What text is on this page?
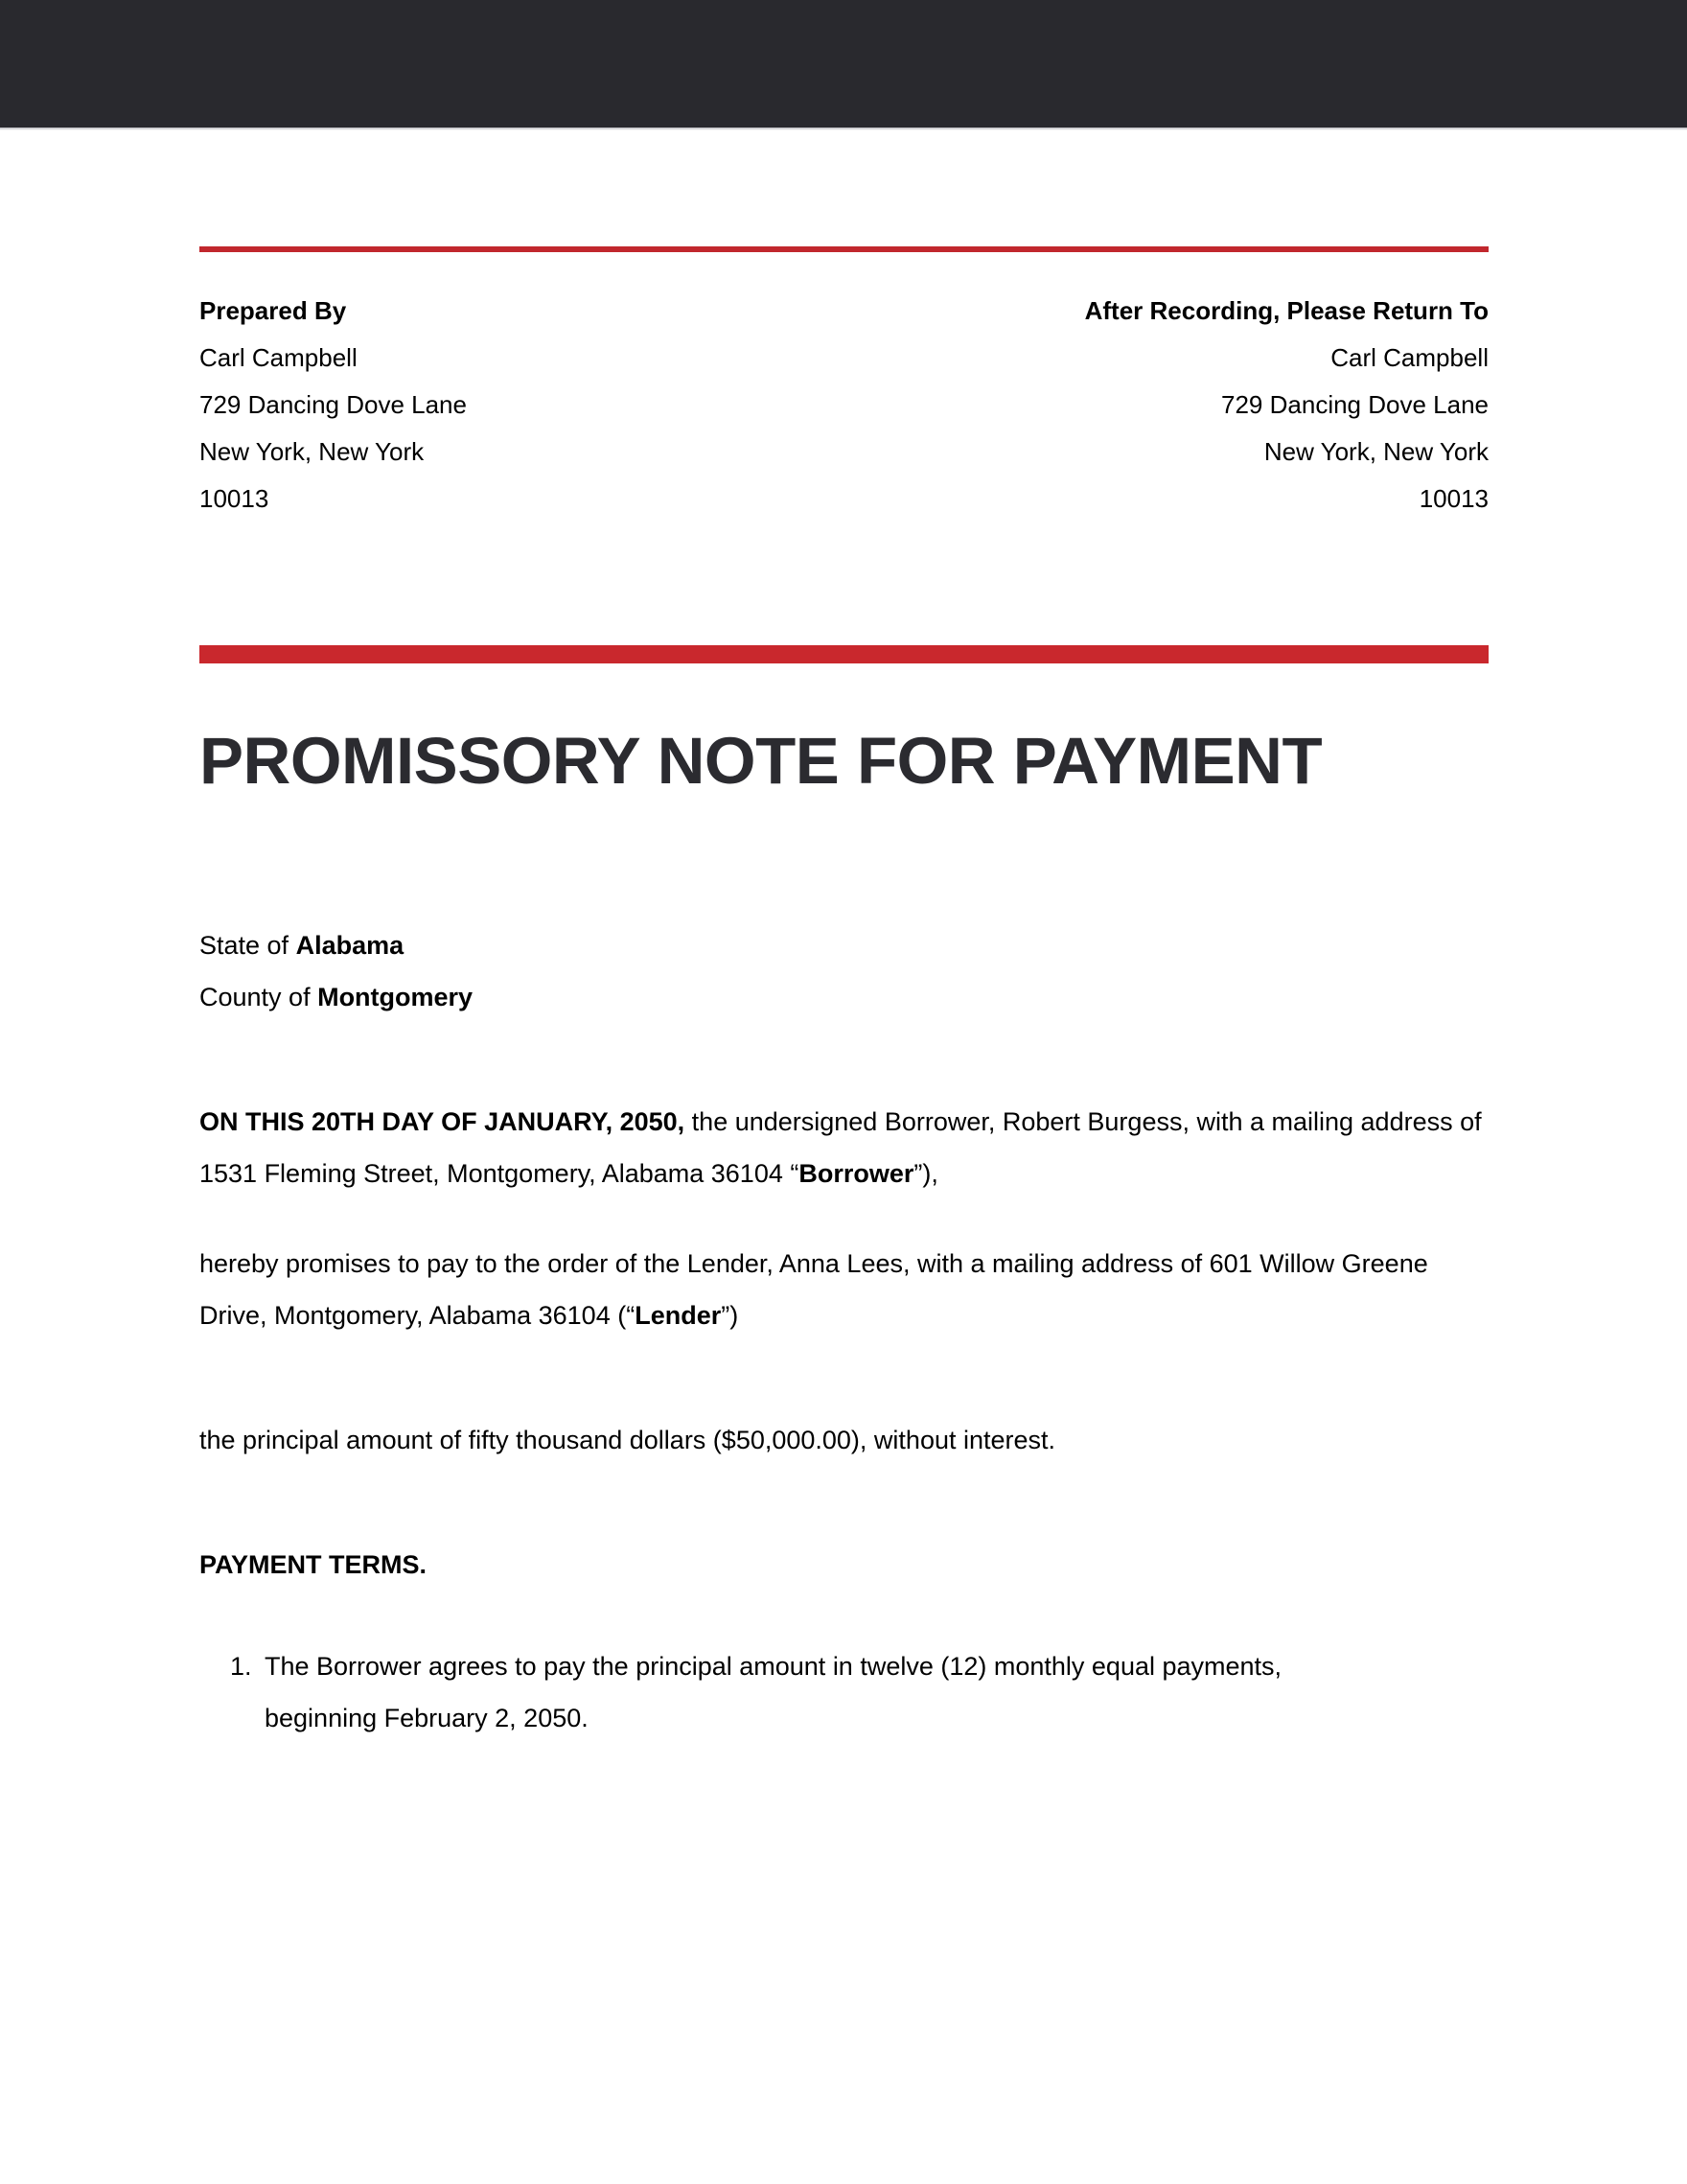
Prepared By
Carl Campbell
729 Dancing Dove Lane
New York, New York
10013
After Recording, Please Return To
Carl Campbell
729 Dancing Dove Lane
New York, New York
10013
PROMISSORY NOTE FOR PAYMENT
State of Alabama
County of Montgomery

ON THIS 20TH DAY OF JANUARY, 2050, the undersigned Borrower, Robert Burgess, with a mailing address of 1531 Fleming Street, Montgomery, Alabama 36104 “Borrower”),

hereby promises to pay to the order of the Lender, Anna Lees, with a mailing address of 601 Willow Greene Drive, Montgomery, Alabama 36104 (“Lender”)

the principal amount of fifty thousand dollars ($50,000.00), without interest.

PAYMENT TERMS.
1. The Borrower agrees to pay the principal amount in twelve (12) monthly equal payments, beginning February 2, 2050.
